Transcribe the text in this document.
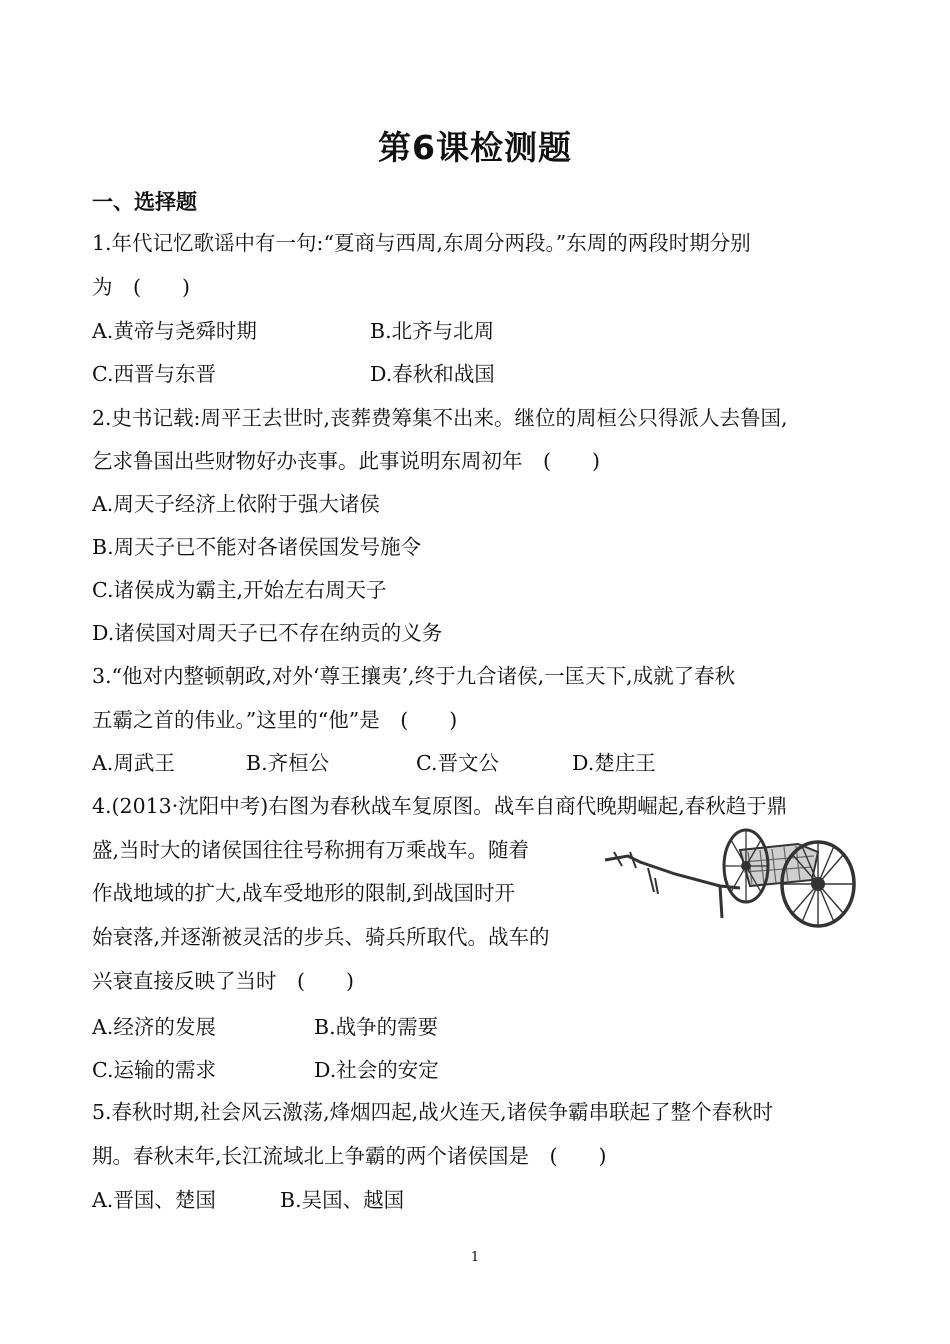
第6课检测题
一、选择题
1.年代记忆歌谣中有一句:“夏商与西周,东周分两段。”东周的两段时期分别
为　(　　)
A.黄帝与尧舜时期	B.北齐与北周
C.西晋与东晋	D.春秋和战国
2.史书记载:周平王去世时,丧葬费筹集不出来。继位的周桓公只得派人去鲁国,
乞求鲁国出些财物好办丧事。此事说明东周初年　(　　)
A.周天子经济上依附于强大诸侯
B.周天子已不能对各诸侯国发号施令
C.诸侯成为霸主,开始左右周天子
D.诸侯国对周天子已不存在纳贡的义务
3.“他对内整顿朝政,对外‘尊王攘夷’,终于九合诸侯,一匡天下,成就了春秋
五霸之首的伟业。”这里的“他”是　(　　)
A.周武王	B.齐桓公	C.晋文公	D.楚庄王
4.(2013·沈阳中考)右图为春秋战车复原图。战车自商代晚期崛起,春秋趋于鼎
盛,当时大的诸侯国往往号称拥有万乘战车。随着
作战地域的扩大,战车受地形的限制,到战国时开
始衰落,并逐渐被灵活的步兵、骑兵所取代。战车的
兴衰直接反映了当时　(　　)
A.经济的发展	B.战争的需要
C.运输的需求	D.社会的安定
5.春秋时期,社会风云激荡,烽烟四起,战火连天,诸侯争霸串联起了整个春秋时
期。春秋末年,长江流域北上争霸的两个诸侯国是　(　　)
A.晋国、楚国	B.吴国、越国
1
